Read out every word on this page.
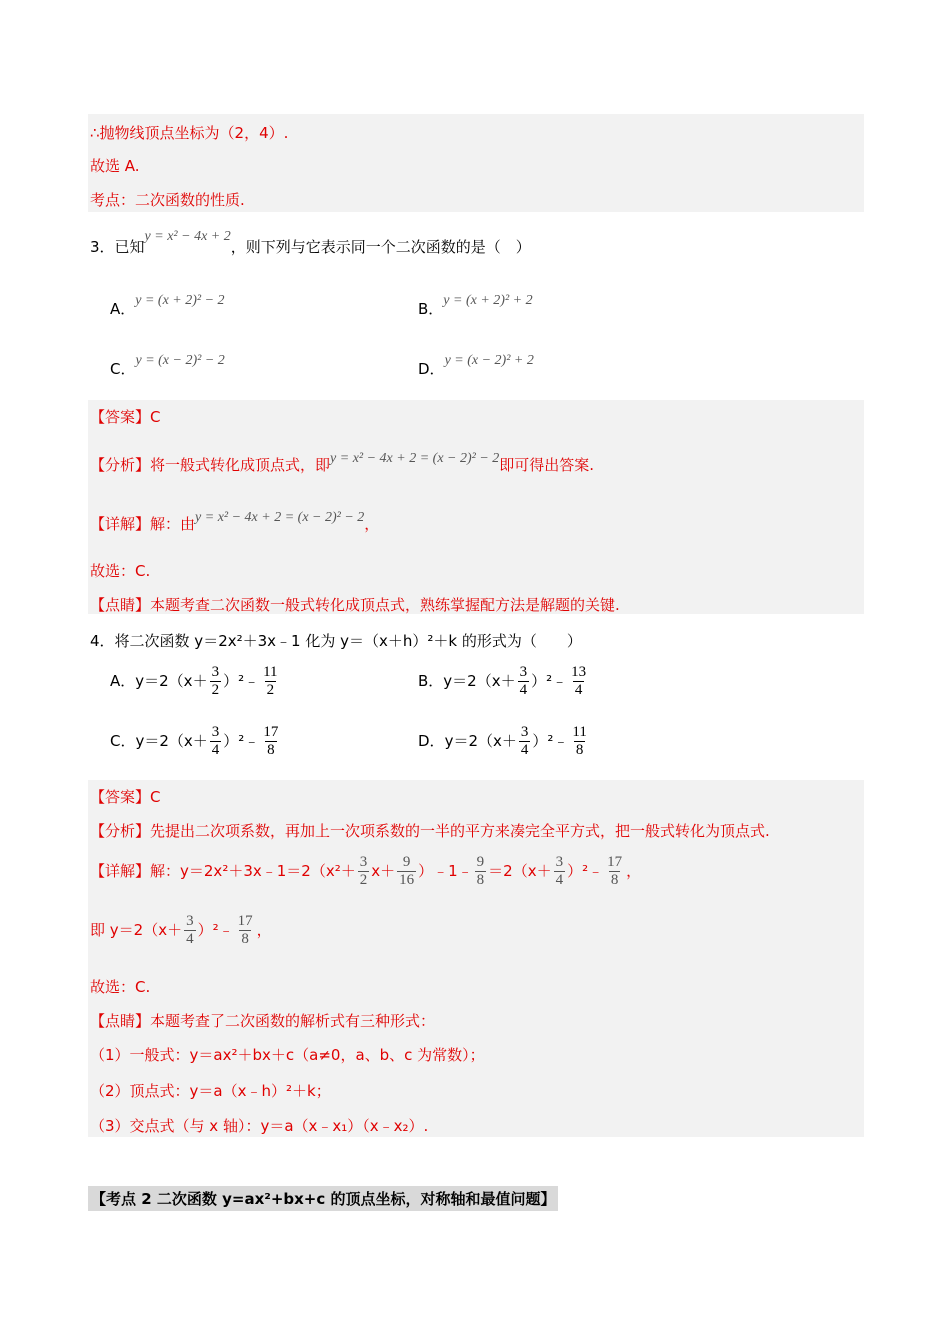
∴抛物线顶点坐标为（2，4）.
故选 A.
考点：二次函数的性质.
3．已知y = x² − 4x + 2，则下列与它表示同一个二次函数的是（　）
A．y = (x + 2)² − 2	B．y = (x + 2)² + 2
C．y = (x − 2)² − 2	D．y = (x − 2)² + 2
【答案】C
【分析】将一般式转化成顶点式，即y = x² − 4x + 2 = (x − 2)² − 2即可得出答案.
【详解】解：由y = x² − 4x + 2 = (x − 2)² − 2，
故选：C.
【点睛】本题考查二次函数一般式转化成顶点式，熟练掌握配方法是解题的关键.
4．将二次函数 y＝2x²＋3x﹣1 化为 y＝（x＋h）²＋k 的形式为（　　）
A．$y=2(x+ \frac{3}{2}$ ）²﹣ $\frac{11}{2}$	B．$y=2(x+ \frac{3}{4}$ ）²﹣ $\frac{13}{4}$
C．$y=2(x+ \frac{3}{4}$ ）²﹣ $\frac{17}{8}$	D．$y=2(x+ \frac{3}{4}$ ）²﹣ $\frac{11}{8}$
【答案】C
【分析】先提出二次项系数，再加上一次项系数的一半的平方来凑完全平方式，把一般式转化为顶点式.
【详解】解：y＝2x²＋3x﹣1＝2（x²＋ $\frac{3}{2} x+ \frac{9}{16}$ ）﹣1﹣ $\frac{9}{8} =2(x+ \frac{3}{4}$ ）²﹣ $\frac{17}{8}$ ，
即 $y=2(x+ \frac{3}{4}$ ）²﹣ $\frac{17}{8}$ ，
故选：C.
【点睛】本题考查了二次函数的解析式有三种形式：
（1）一般式：y＝ax²＋bx＋c（a≠0，a、b、c 为常数）；
（2）顶点式：y＝a（x﹣h）²＋k；
（3）交点式（与 x 轴）：y＝a（x﹣x₁）（x﹣x₂）.
【考点 2 二次函数 y=ax²+bx+c 的顶点坐标，对称轴和最值问题】
